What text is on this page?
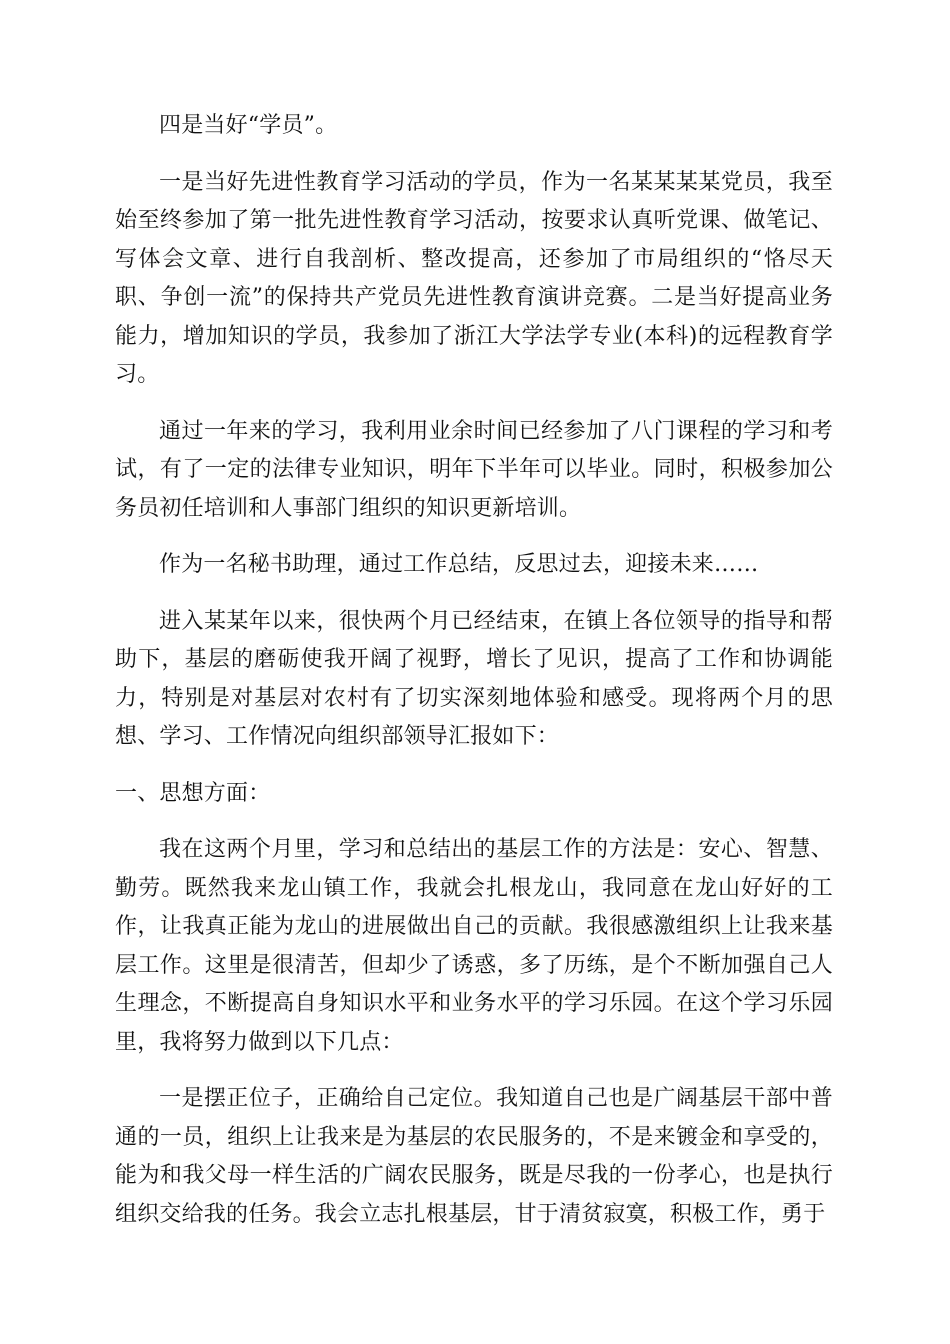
四是当好“学员”。

一是当好先进性教育学习活动的学员，作为一名某某某某党员，我至始至终参加了第一批先进性教育学习活动，按要求认真听党课、做笔记、写体会文章、进行自我剖析、整改提高，还参加了市局组织的“恪尽天职、争创一流”的保持共产党员先进性教育演讲竞赛。二是当好提高业务能力，增加知识的学员，我参加了浙江大学法学专业(本科)的远程教育学习。

通过一年来的学习，我利用业余时间已经参加了八门课程的学习和考试，有了一定的法律专业知识，明年下半年可以毕业。同时，积极参加公务员初任培训和人事部门组织的知识更新培训。

作为一名秘书助理，通过工作总结，反思过去，迎接未来……

进入某某年以来，很快两个月已经结束，在镇上各位领导的指导和帮助下，基层的磨砺使我开阔了视野，增长了见识，提高了工作和协调能力，特别是对基层对农村有了切实深刻地体验和感受。现将两个月的思想、学习、工作情况向组织部领导汇报如下：

一、思想方面：

我在这两个月里，学习和总结出的基层工作的方法是：安心、智慧、勤劳。既然我来龙山镇工作，我就会扎根龙山，我同意在龙山好好的工作，让我真正能为龙山的进展做出自己的贡献。我很感激组织上让我来基层工作。这里是很清苦，但却少了诱惑，多了历练，是个不断加强自己人生理念，不断提高自身知识水平和业务水平的学习乐园。在这个学习乐园里，我将努力做到以下几点：

一是摆正位子，正确给自己定位。我知道自己也是广阔基层干部中普通的一员，组织上让我来是为基层的农民服务的，不是来镀金和享受的，能为和我父母一样生活的广阔农民服务，既是尽我的一份孝心，也是执行组织交给我的任务。我会立志扎根基层，甘于清贫寂寞，积极工作，勇于
